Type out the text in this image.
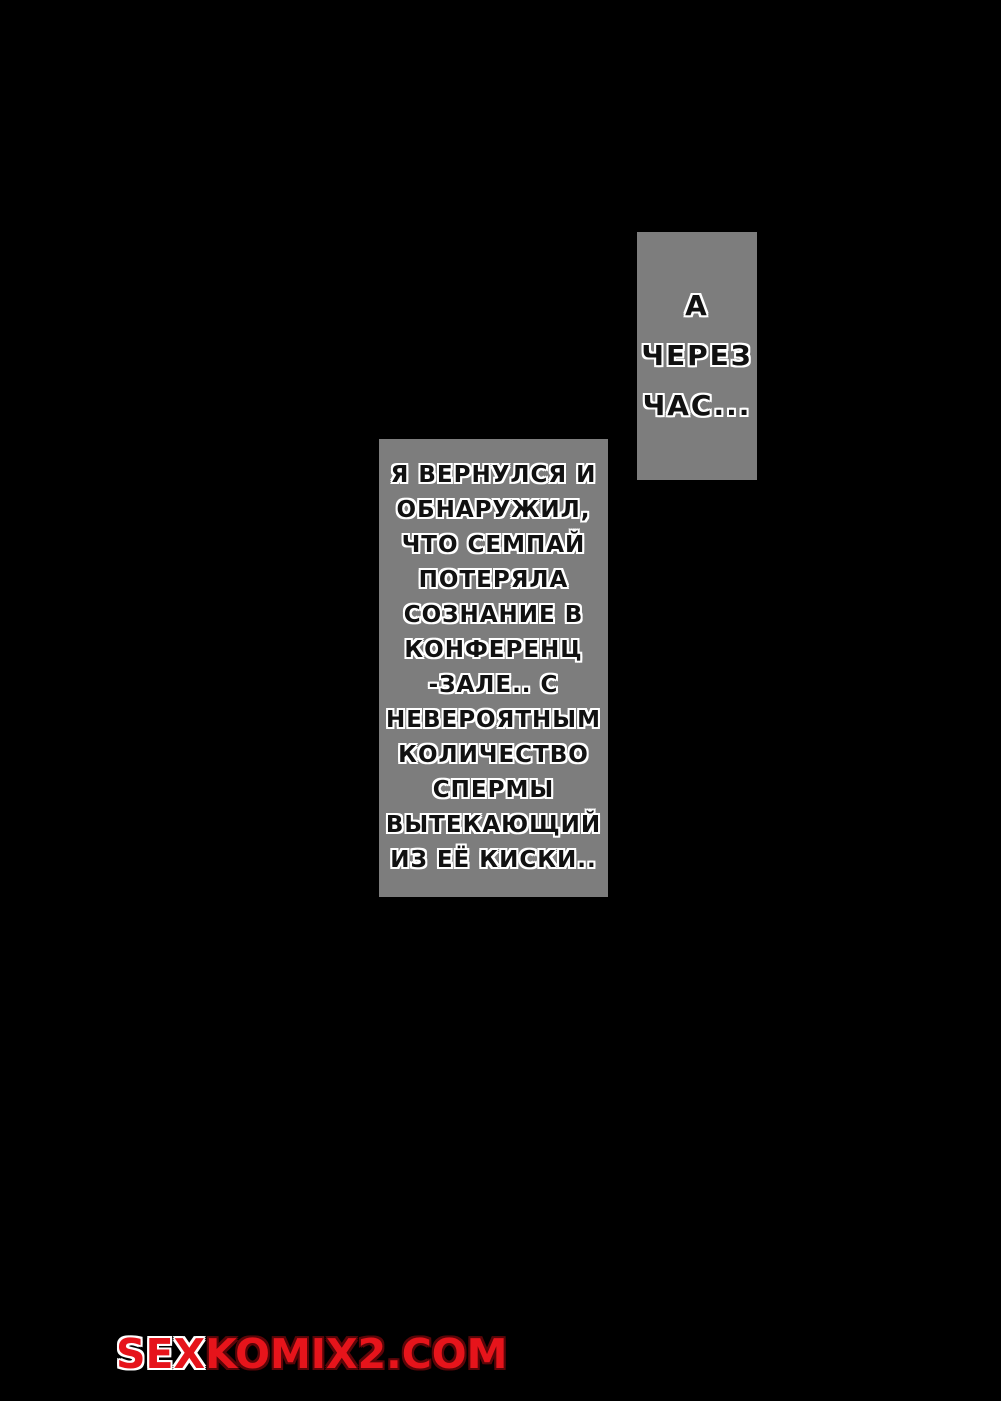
А
ЧЕРЕЗ
ЧАС...
Я ВЕРНУЛСЯ И
ОБНАРУЖИЛ,
ЧТО СЕМПАЙ
ПОТЕРЯЛА
СОЗНАНИЕ В
КОНФЕРЕНЦ
-ЗАЛЕ.. С
НЕВЕРОЯТНЫМ
КОЛИЧЕСТВО
СПЕРМЫ
ВЫТЕКАЮЩИЙ
ИЗ ЕЁ КИСКИ..
SEXKOMIX2.COM
